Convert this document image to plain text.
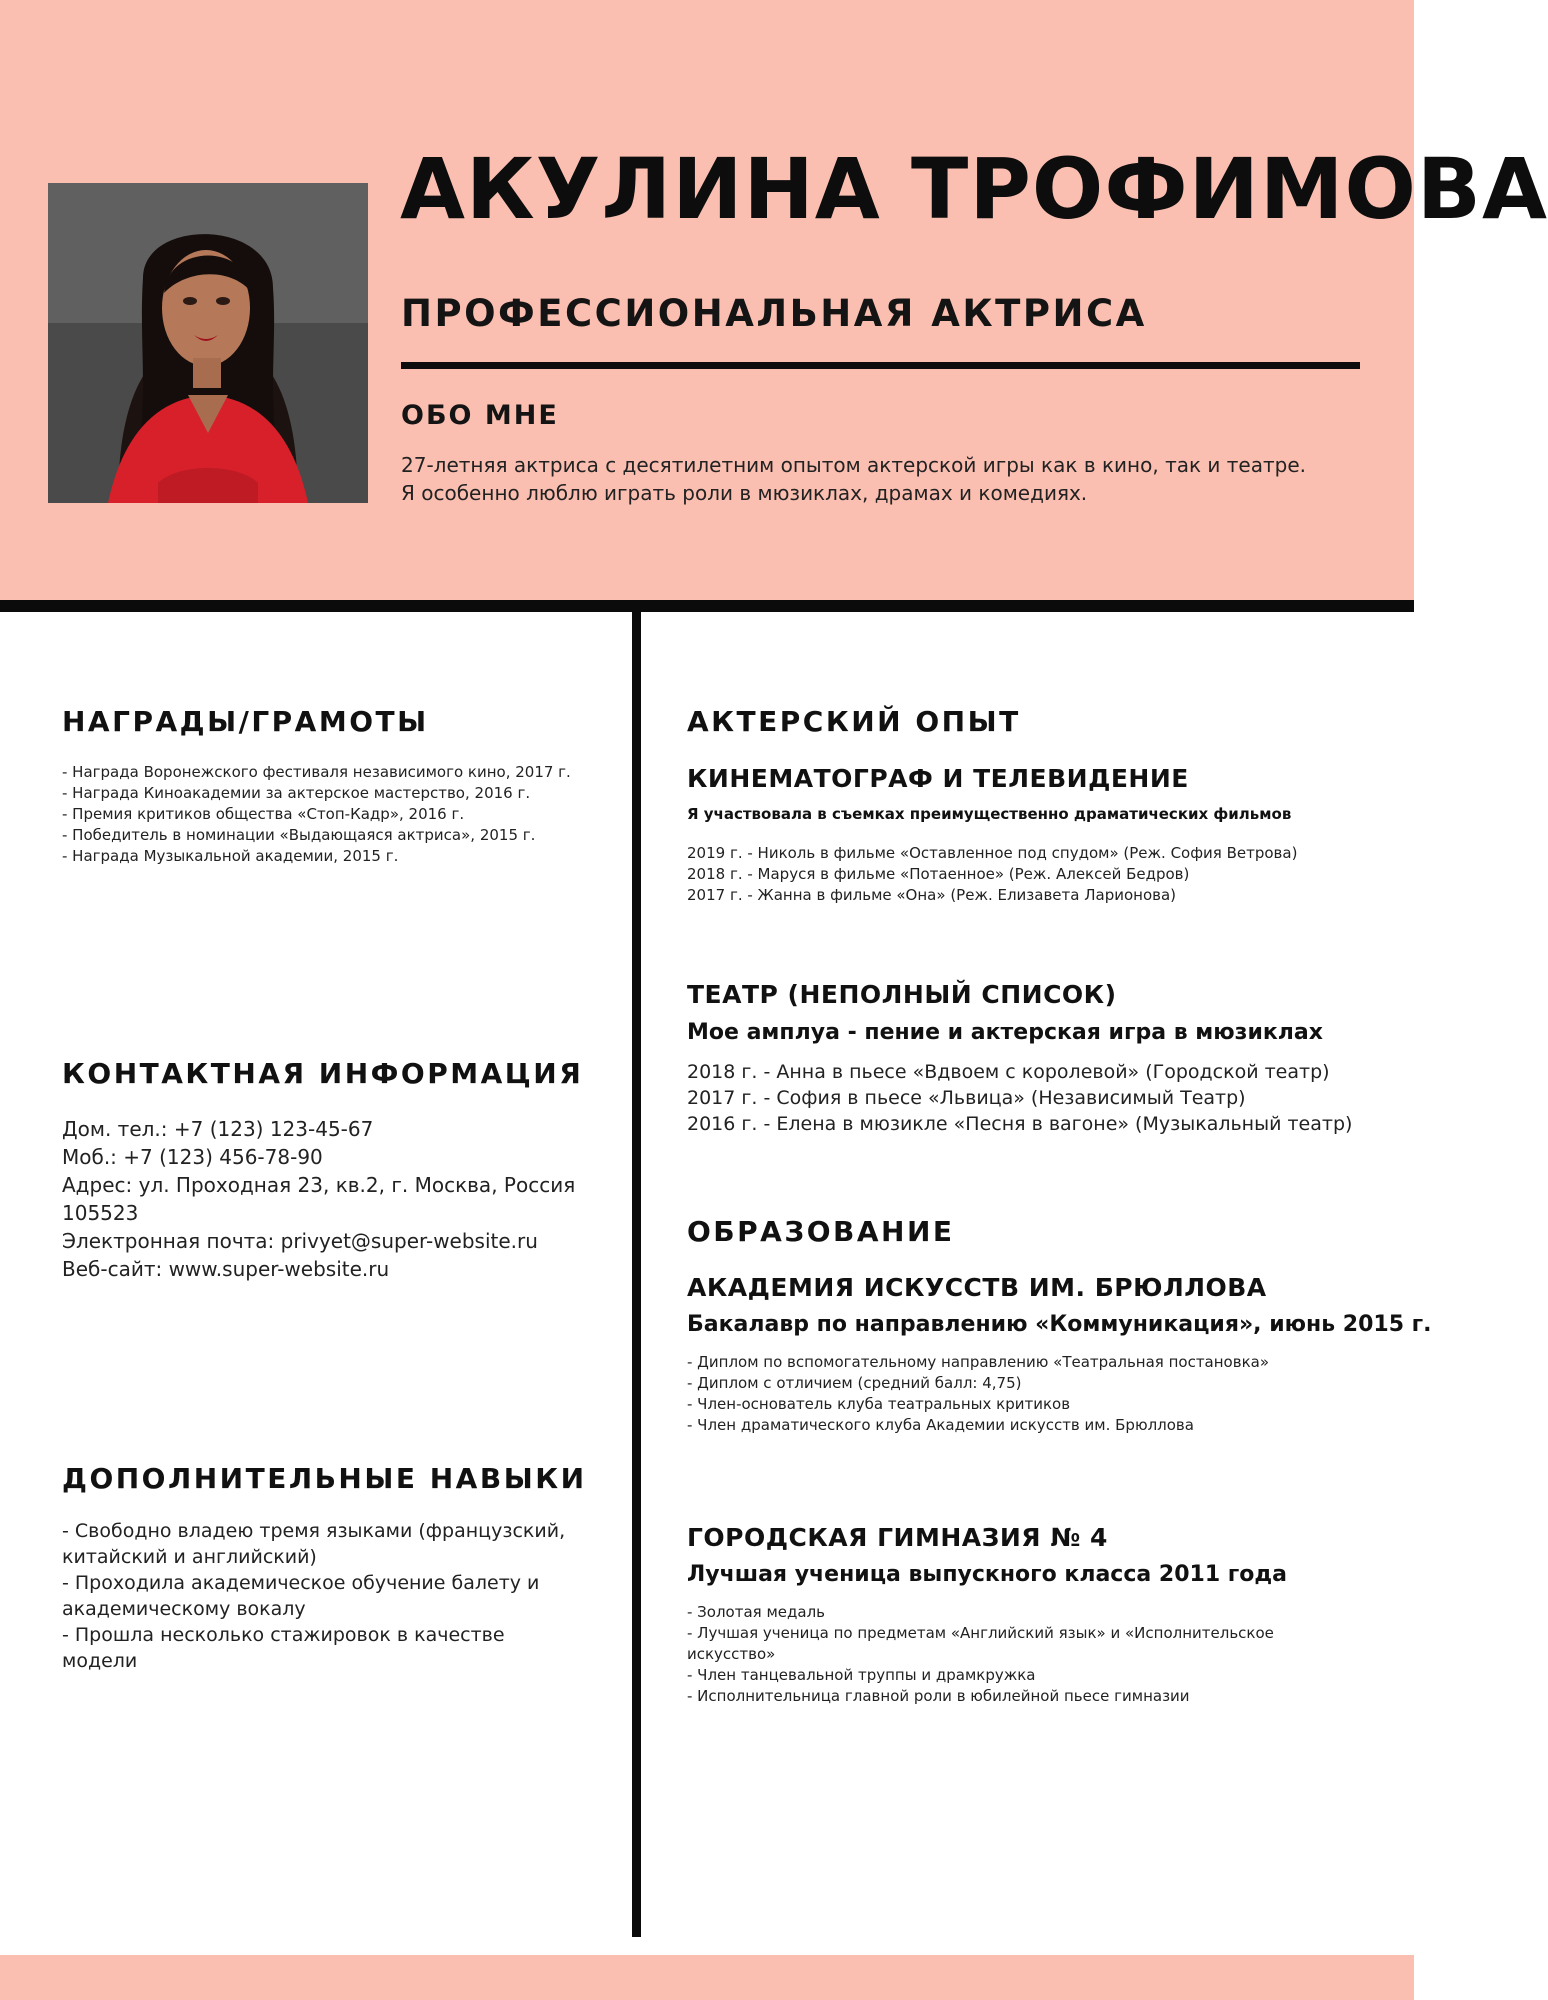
АКУЛИНА ТРОФИМОВА
ПРОФЕССИОНАЛЬНАЯ АКТРИСА
ОБО МНЕ

27-летняя актриса с десятилетним опытом актерской игры как в кино, так и театре. Я особенно люблю играть роли в мюзиклах, драмах и комедиях.

НАГРАДЫ/ГРАМОТЫ
- Награда Воронежского фестиваля независимого кино, 2017 г.
- Награда Киноакадемии за актерское мастерство, 2016 г.
- Премия критиков общества «Стоп-Кадр», 2016 г.
- Победитель в номинации «Выдающаяся актриса», 2015 г.
- Награда Музыкальной академии, 2015 г.
КОНТАКТНАЯ ИНФОРМАЦИЯ
Дом. тел.: +7 (123) 123-45-67
Моб.: +7 (123) 456-78-90
Адрес: ул. Проходная 23, кв.2, г. Москва, Россия 105523
Электронная почта: privyet@super-website.ru
Веб-сайт: www.super-website.ru
ДОПОЛНИТЕЛЬНЫЕ НАВЫКИ
- Свободно владею тремя языками (французский, китайский и английский)
- Проходила академическое обучение балету и академическому вокалу
- Прошла несколько стажировок в качестве модели
АКТЕРСКИЙ ОПЫТ
КИНЕМАТОГРАФ И ТЕЛЕВИДЕНИЕ

Я участвовала в съемках преимущественно драматических фильмов

2019 г. - Николь в фильме «Оставленное под спудом» (Реж. София Ветрова)
2018 г. - Маруся в фильме «Потаенное» (Реж. Алексей Бедров)
2017 г. - Жанна в фильме «Она» (Реж. Елизавета Ларионова)
ТЕАТР (НЕПОЛНЫЙ СПИСОК)

Мое амплуа - пение и актерская игра в мюзиклах

2018 г. - Анна в пьесе «Вдвоем с королевой» (Городской театр)
2017 г. - София в пьесе «Львица» (Независимый Театр)
2016 г. - Елена в мюзикле «Песня в вагоне» (Музыкальный театр)
ОБРАЗОВАНИЕ
АКАДЕМИЯ ИСКУССТВ ИМ. БРЮЛЛОВА

Бакалавр по направлению «Коммуникация», июнь 2015 г.

- Диплом по вспомогательному направлению «Театральная постановка»
- Диплом с отличием (средний балл: 4,75)
- Член-основатель клуба театральных критиков
- Член драматического клуба Академии искусств им. Брюллова
ГОРОДСКАЯ ГИМНАЗИЯ № 4

Лучшая ученица выпускного класса 2011 года

- Золотая медаль
- Лучшая ученица по предметам «Английский язык» и «Исполнительское искусство»
- Член танцевальной труппы и драмкружка
- Исполнительница главной роли в юбилейной пьесе гимназии
